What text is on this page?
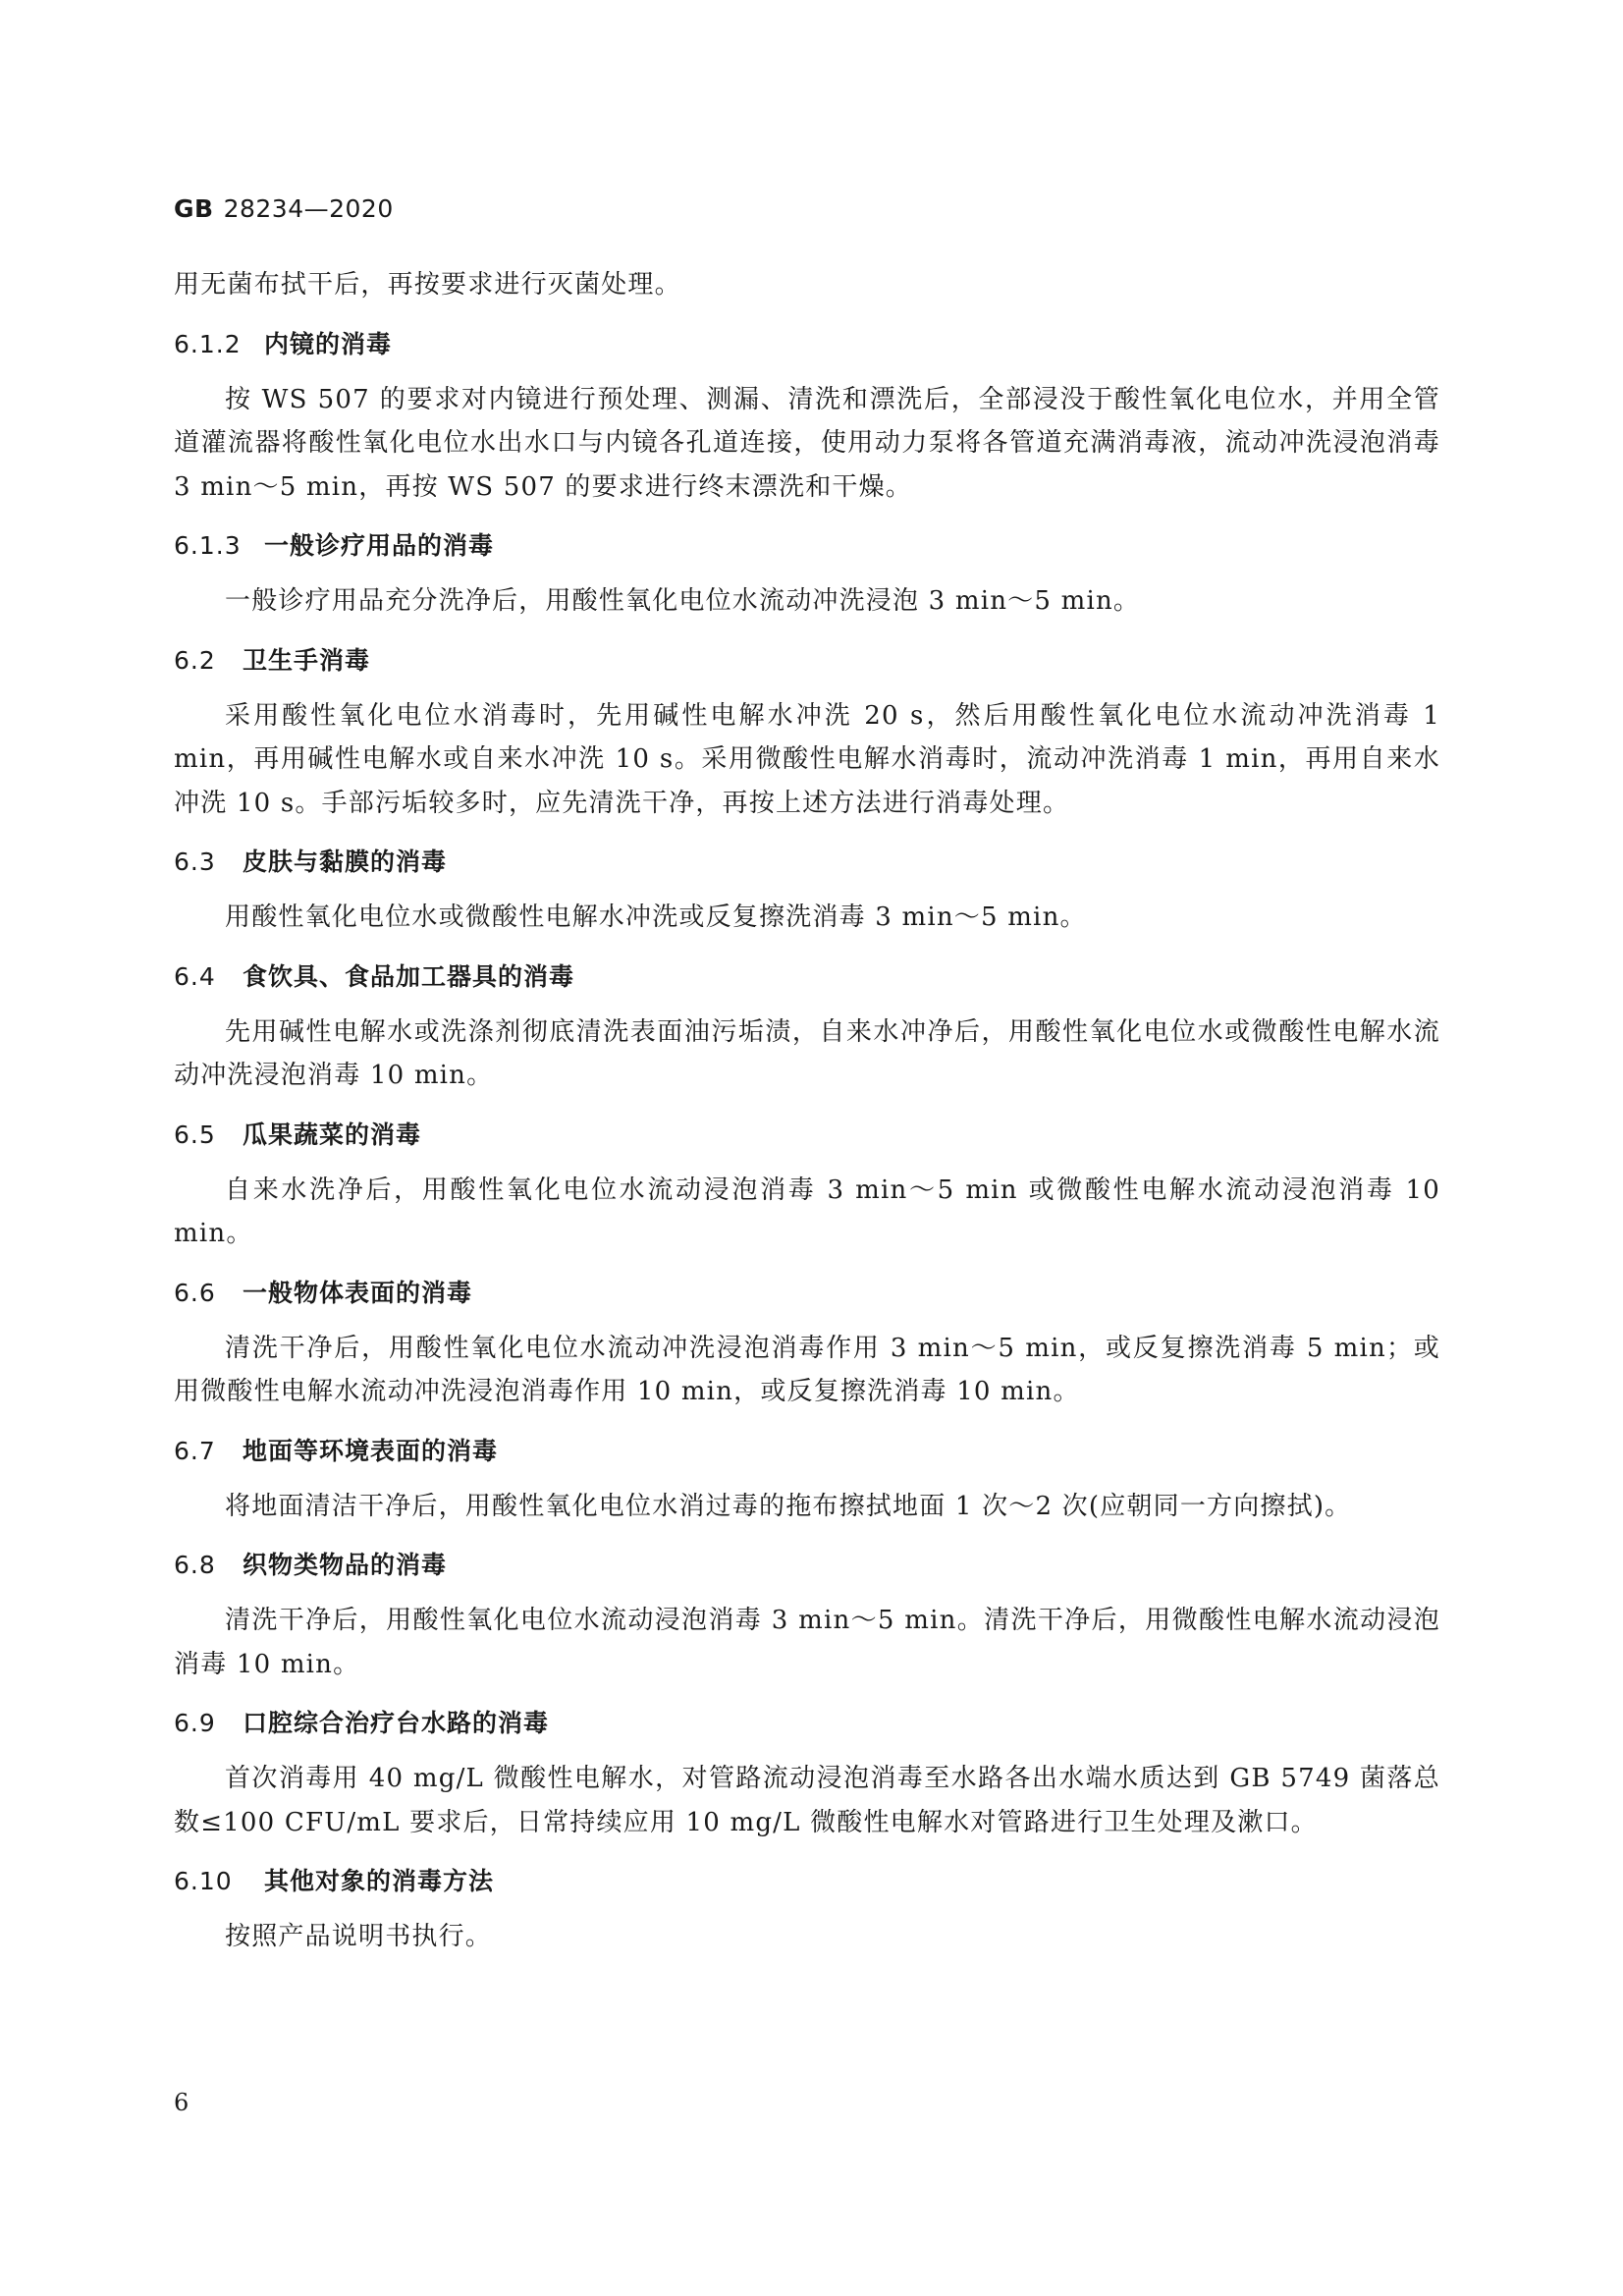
GB 28234—2020

用无菌布拭干后，再按要求进行灭菌处理。

6.1.2 内镜的消毒

按 WS 507 的要求对内镜进行预处理、测漏、清洗和漂洗后，全部浸没于酸性氧化电位水，并用全管道灌流器将酸性氧化电位水出水口与内镜各孔道连接，使用动力泵将各管道充满消毒液，流动冲洗浸泡消毒 3 min～5 min，再按 WS 507 的要求进行终末漂洗和干燥。

6.1.3 一般诊疗用品的消毒

一般诊疗用品充分洗净后，用酸性氧化电位水流动冲洗浸泡 3 min～5 min。

6.2 卫生手消毒

采用酸性氧化电位水消毒时，先用碱性电解水冲洗 20 s，然后用酸性氧化电位水流动冲洗消毒 1 min，再用碱性电解水或自来水冲洗 10 s。采用微酸性电解水消毒时，流动冲洗消毒 1 min，再用自来水冲洗 10 s。手部污垢较多时，应先清洗干净，再按上述方法进行消毒处理。

6.3 皮肤与黏膜的消毒

用酸性氧化电位水或微酸性电解水冲洗或反复擦洗消毒 3 min～5 min。

6.4 食饮具、食品加工器具的消毒

先用碱性电解水或洗涤剂彻底清洗表面油污垢渍，自来水冲净后，用酸性氧化电位水或微酸性电解水流动冲洗浸泡消毒 10 min。

6.5 瓜果蔬菜的消毒

自来水洗净后，用酸性氧化电位水流动浸泡消毒 3 min～5 min 或微酸性电解水流动浸泡消毒 10 min。

6.6 一般物体表面的消毒

清洗干净后，用酸性氧化电位水流动冲洗浸泡消毒作用 3 min～5 min，或反复擦洗消毒 5 min；或用微酸性电解水流动冲洗浸泡消毒作用 10 min，或反复擦洗消毒 10 min。

6.7 地面等环境表面的消毒

将地面清洁干净后，用酸性氧化电位水消过毒的拖布擦拭地面 1 次～2 次(应朝同一方向擦拭)。

6.8 织物类物品的消毒

清洗干净后，用酸性氧化电位水流动浸泡消毒 3 min～5 min。清洗干净后，用微酸性电解水流动浸泡消毒 10 min。

6.9 口腔综合治疗台水路的消毒

首次消毒用 40 mg/L 微酸性电解水，对管路流动浸泡消毒至水路各出水端水质达到 GB 5749 菌落总数≤100 CFU/mL 要求后，日常持续应用 10 mg/L 微酸性电解水对管路进行卫生处理及漱口。

6.10 其他对象的消毒方法

按照产品说明书执行。

6
